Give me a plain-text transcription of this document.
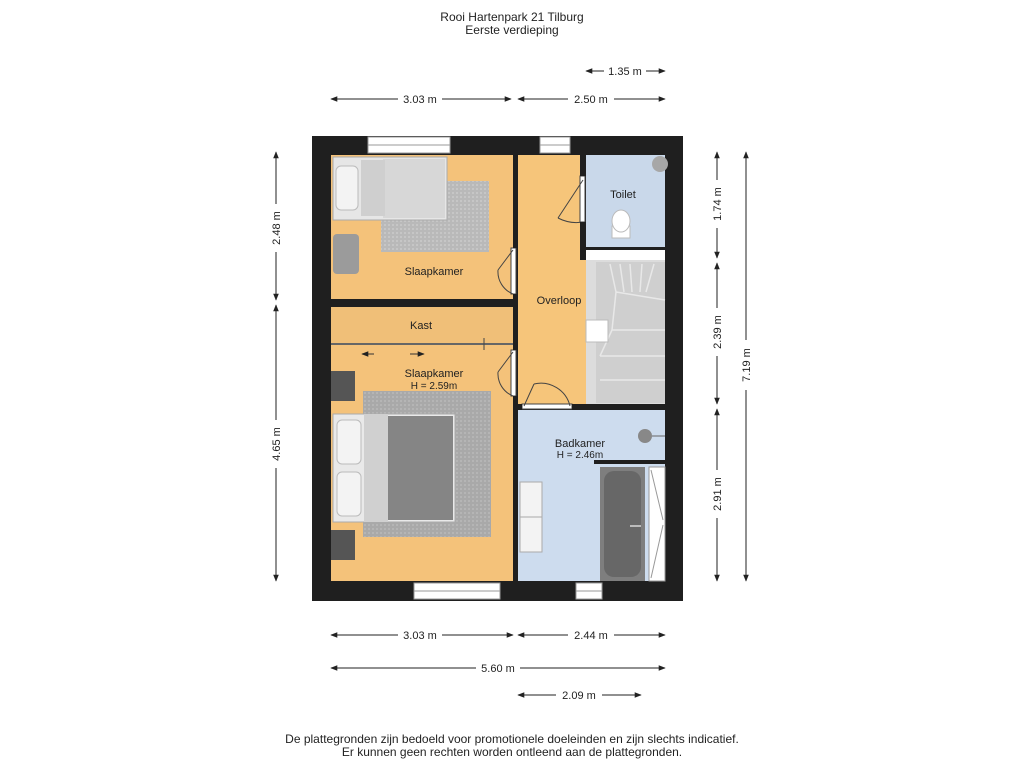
Rooi Hartenpark 21 Tilburg
Eerste verdieping
Slaapkamer
Kast
Slaapkamer
H = 2.59m
Overloop
Toilet
Badkamer
H = 2.46m
1.35 m
3.03 m	2.50 m
3.03 m	2.44 m
5.60 m
2.09 m
2.48 m
4.65 m
1.74 m
2.39 m
2.91 m
7.19 m
De plattegronden zijn bedoeld voor promotionele doeleinden en zijn slechts indicatief.
Er kunnen geen rechten worden ontleend aan de plattegronden.
